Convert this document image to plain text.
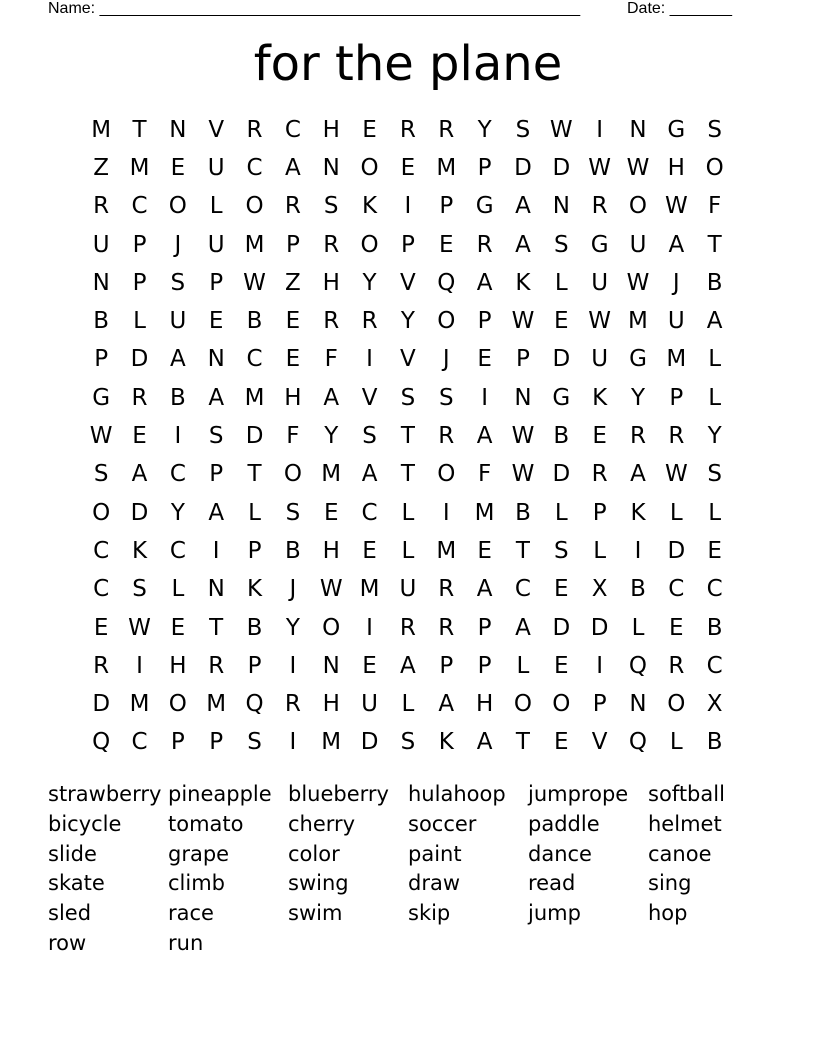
Name: ______________________________________________________	Date: _______
for the plane
M T N V R C H E	R R	Y	S W	I	N G S
Z M E U C A N O E M P D D W W H O
R C O L O R	S	K	I	P G A N R O W F
U P	J	U M P	R O P	E	R A	S G U A	T
N P	S	P W Z H Y	V Q A K	L	U W	J	B
B	L	U E	B	E	R R	Y O P W E W M U A
P D A N C	E	F	I	V	J	E	P D U G M L
G R B A M H A V	S	S	I	N G K	Y	P	L
W E	I	S D F	Y	S	T	R A W B	E	R R	Y
S	A C	P	T O M A	T O F W D R A W S
O D Y	A	L	S	E	C	L	I	M B	L	P	K	L	L
C K C	I	P	B H E	L M E	T	S	L	I	D E
C	S	L	N K	J	W M U R A C	E	X B C C
E W E	T	B	Y O	I	R R	P	A D D	L	E	B
R	I	H R	P	I	N E	A	P	P	L	E	I	Q R C
D M O M Q R H U	L	A H O O P N O X
Q C	P	P	S	I	M D S	K A	T	E	V Q L	B
strawberry pineapple blueberry hulahoop	jumprope softball
bicycle	tomato	cherry	soccer	paddle	helmet
slide	grape	color	paint	dance	canoe
skate	climb	swing	draw	read	sing
sled	race	swim	skip	jump	hop
row	run
